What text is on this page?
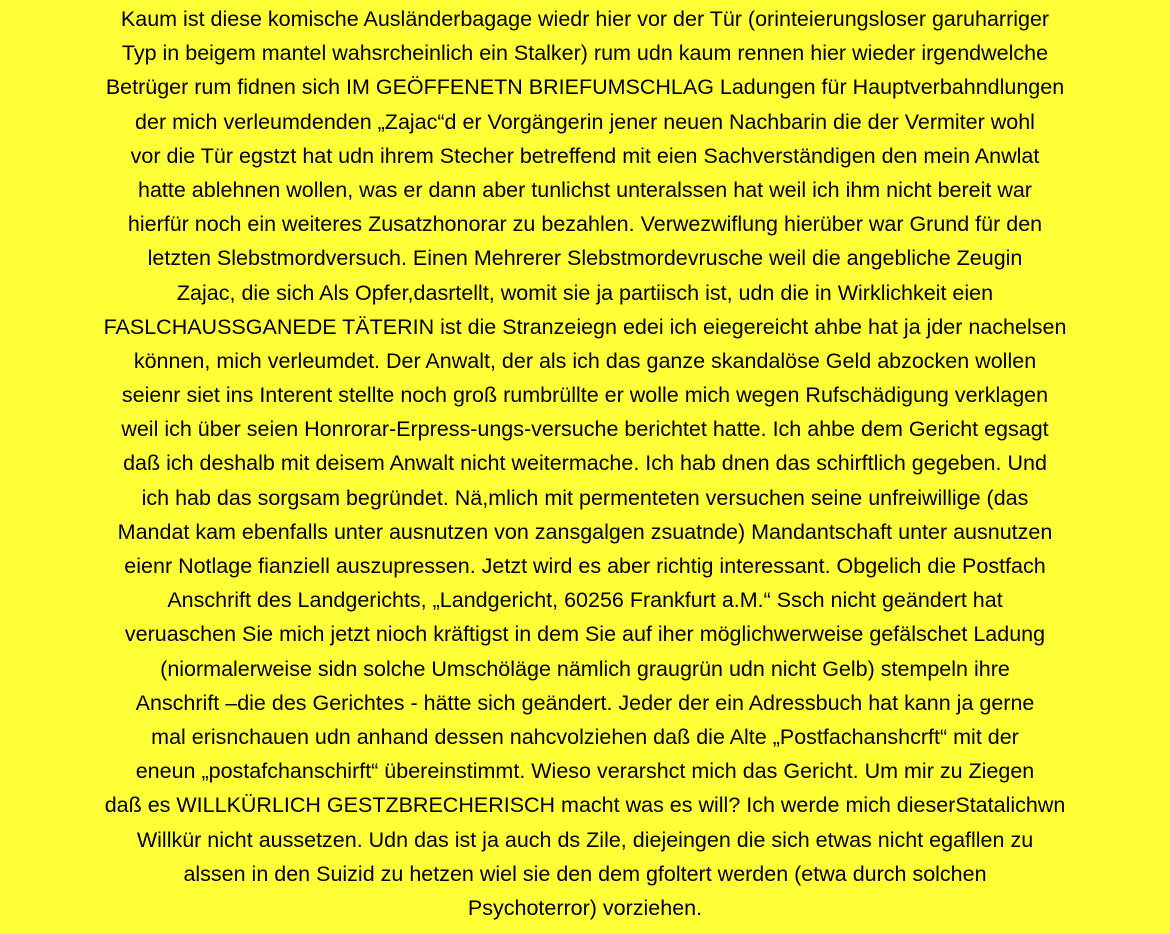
Kaum ist diese komische Ausländerbagage wiedr hier vor der Tür (orinteierungsloser garuharriger
Typ in beigem mantel wahsrcheinlich ein Stalker) rum udn kaum rennen hier wieder irgendwelche
Betrüger rum fidnen sich IM GEÖFFENETN BRIEFUMSCHLAG Ladungen für Hauptverbahndlungen
der mich verleumdenden „Zajac“d er Vorgängerin jener neuen Nachbarin die der Vermiter wohl
vor die Tür egstzt hat udn ihrem Stecher betreffend mit eien Sachverständigen den mein Anwlat
hatte ablehnen wollen, was er dann aber tunlichst unteralssen hat weil ich ihm nicht bereit war
hierfür noch ein weiteres Zusatzhonorar zu bezahlen. Verwezwiflung hierüber war Grund für den
letzten Slebstmordversuch. Einen Mehrerer Slebstmordevrusche weil die angebliche Zeugin
Zajac, die sich Als Opfer,dasrtellt, womit sie ja partiisch ist, udn die in Wirklichkeit eien
FASLCHAUSSGANEDE TÄTERIN ist die Stranzeiegn edei ich eiegereicht ahbe hat ja jder nachelsen
können, mich verleumdet. Der Anwalt, der als ich das ganze skandalöse Geld abzocken wollen
seienr siet ins Interent stellte noch groß rumbrüllte er wolle mich wegen Rufschädigung verklagen
weil ich über seien Honrorar-Erpress-ungs-versuche berichtet hatte. Ich ahbe dem Gericht egsagt
daß ich deshalb mit deisem Anwalt nicht weitermache. Ich hab dnen das schirftlich gegeben. Und
ich hab das sorgsam begründet. Nä,mlich mit permenteten versuchen seine unfreiwillige (das
Mandat kam ebenfalls unter ausnutzen von zansgalgen zsuatnde) Mandantschaft unter ausnutzen
eienr Notlage fianziell auszupressen. Jetzt wird es aber richtig interessant. Obgelich die Postfach
Anschrift des Landgerichts, „Landgericht, 60256 Frankfurt a.M.“ Ssch nicht geändert hat
veruaschen Sie mich jetzt nioch kräftigst in dem Sie auf iher möglichwerweise gefälschet Ladung
(niormalerweise sidn solche Umschöläge nämlich graugrün udn nicht Gelb) stempeln ihre
Anschrift –die des Gerichtes - hätte sich geändert. Jeder der ein Adressbuch hat kann ja gerne
mal erisnchauen udn anhand dessen nahcvolziehen daß die Alte „Postfachanshcrft“ mit der
eneun „postafchanschirft“ übereinstimmt. Wieso verarshct mich das Gericht. Um mir zu Ziegen
daß es WILLKÜRLICH GESTZBRECHERISCH macht was es will? Ich werde mich dieserStatalichwn
Willkür nicht aussetzen. Udn das ist ja auch ds Zile, diejeingen die sich etwas nicht egafllen zu
alssen in den Suizid zu hetzen wiel sie den dem gfoltert werden (etwa durch solchen
Psychoterror) vorziehen.
